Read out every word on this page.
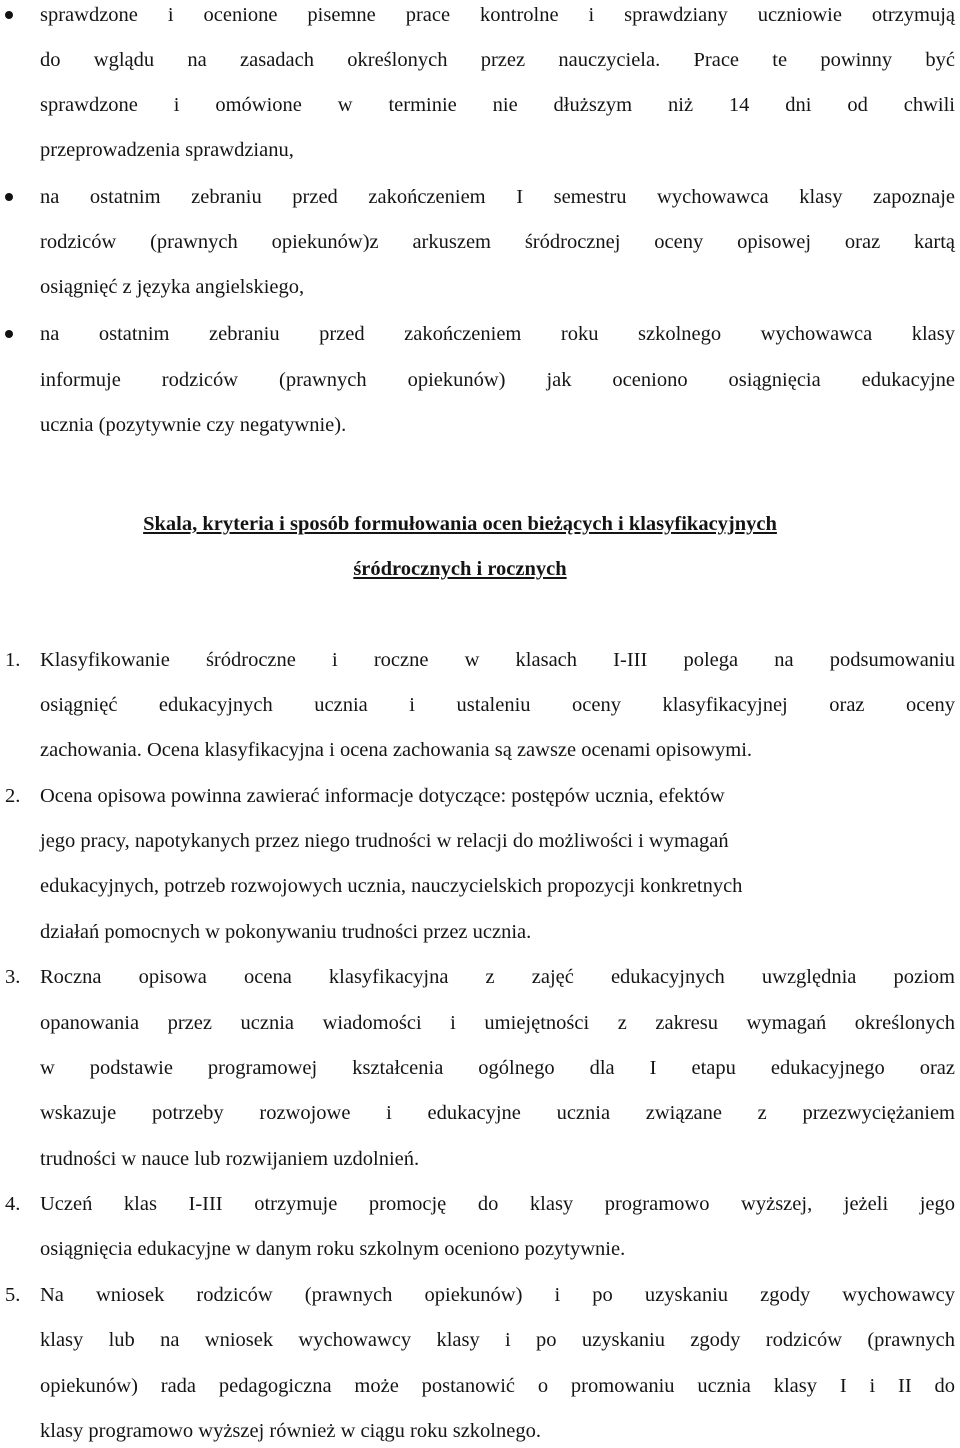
sprawdzone i ocenione pisemne prace kontrolne i sprawdziany uczniowie otrzymują
do wglądu na zasadach określonych przez nauczyciela. Prace te powinny być
sprawdzone i omówione w terminie nie dłuższym niż 14 dni od chwili
przeprowadzenia sprawdzianu,
na ostatnim zebraniu przed zakończeniem I semestru wychowawca klasy zapoznaje
rodziców (prawnych opiekunów)z arkuszem śródrocznej oceny opisowej oraz kartą
osiągnięć z języka angielskiego,
na ostatnim zebraniu przed zakończeniem roku szkolnego wychowawca klasy
informuje rodziców (prawnych opiekunów) jak oceniono osiągnięcia edukacyjne
ucznia (pozytywnie czy negatywnie).
Skala, kryteria i sposób formułowania ocen bieżących i klasyfikacyjnych
śródrocznych i rocznych
1. Klasyfikowanie śródroczne i roczne w klasach I-III polega na podsumowaniu
osiągnięć edukacyjnych ucznia i ustaleniu oceny klasyfikacyjnej oraz oceny
zachowania. Ocena klasyfikacyjna i ocena zachowania są zawsze ocenami opisowymi.
2. Ocena opisowa powinna zawierać informacje dotyczące: postępów ucznia, efektów
jego pracy, napotykanych przez niego trudności w relacji do możliwości i wymagań
edukacyjnych, potrzeb rozwojowych ucznia, nauczycielskich propozycji konkretnych
działań pomocnych w pokonywaniu trudności przez ucznia.
3. Roczna opisowa ocena klasyfikacyjna z zajęć edukacyjnych uwzględnia poziom
opanowania przez ucznia wiadomości i umiejętności z zakresu wymagań określonych
w podstawie programowej kształcenia ogólnego dla I etapu edukacyjnego oraz
wskazuje potrzeby rozwojowe i edukacyjne ucznia związane z przezwyciężaniem
trudności w nauce lub rozwijaniem uzdolnień.
4. Uczeń klas I-III otrzymuje promocję do klasy programowo wyższej, jeżeli jego
osiągnięcia edukacyjne w danym roku szkolnym oceniono pozytywnie.
5. Na wniosek rodziców (prawnych opiekunów) i po uzyskaniu zgody wychowawcy
klasy lub na wniosek wychowawcy klasy i po uzyskaniu zgody rodziców (prawnych
opiekunów) rada pedagogiczna może postanowić o promowaniu ucznia klasy I i II do
klasy programowo wyższej również w ciągu roku szkolnego.
